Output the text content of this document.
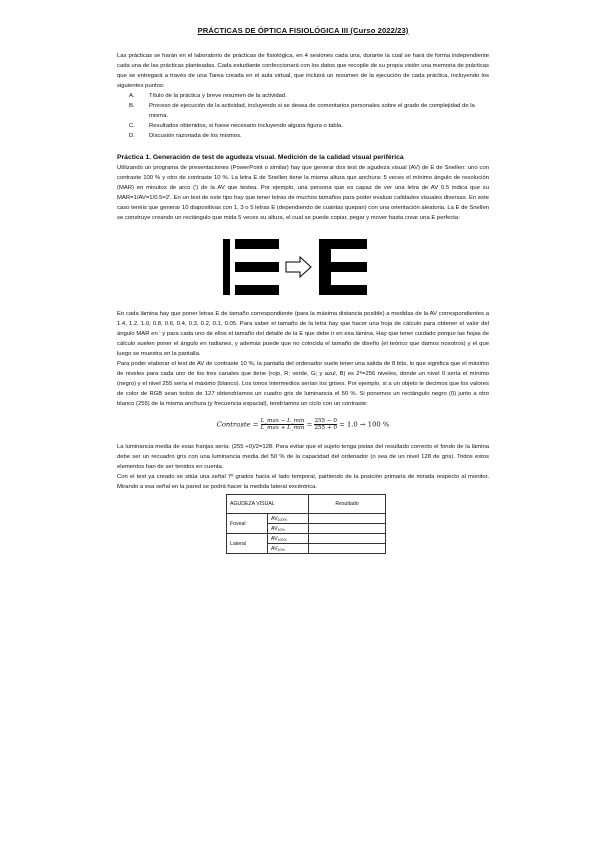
PRÁCTICAS DE ÓPTICA FISIOLÓGICA III (Curso 2022/23)

Las prácticas se harán en el laboratorio de prácticas de fisiológica, en 4 sesiones cada una, durante la cual se hará de forma independiente cada una de las prácticas planteadas. Cada estudiante confeccionará con los datos que recopile de su propia visión una memoria de prácticas que se entregará a través de una Tarea creada en el aula virtual, que incluirá un resumen de la ejecución de cada práctica, incluyendo los siguientes puntos:

A. Título de la práctica y breve resumen de la actividad.
B. Proceso de ejecución de la actividad, incluyendo si se desea de comentarios personales sobre el grado de complejidad de la misma.
C. Resultados obtenidos, si fuese necesario incluyendo alguna figura o tabla.
D. Discusión razonada de los mismos.
Práctica 1. Generación de test de agudeza visual. Medición de la calidad visual periférica

Utilizando un programa de presentaciones (PowerPoint o similar) hay que generar dos test de agudeza visual (AV) de E de Snellen: uno con contraste 100 % y otro de contraste 10 %. La letra E de Snellen tiene la misma altura que anchura: 5 veces el mínimo ángulo de resolución (MAR) en minutos de arco (') de la AV que testea. Por ejemplo, una persona que es capaz de ver una letra de AV 0.5 indica que su MAR=1/AV=1/0.5=2'. En un test de este tipo hay que tener letras de muchos tamaños para poder evaluar calidades visuales diversas. En este caso tenéis que generar 10 diapositivas con 1, 3 o 5 letras E (dependiendo de cuántas quepan) con una orientación aleatoria. La E de Snellen se construye creando un rectángulo que mida 5 veces su altura, el cual se puede copiar, pegar y mover hasta crear una E perfecta:

En cada lámina hay que poner letras E de tamaño correspondiente (para la máxima distancia posible) a medidas de la AV correspondientes a 1.4, 1.2, 1.0, 0.8, 0.6, 0.4, 0.3, 0.2, 0.1, 0.05. Para saber el tamaño de la letra hay que hacer una hoja de cálculo para obtener el valor del ángulo MAR en ' y para cada uno de ellos el tamaño del detalle de la E que debe ir en esa lámina. Hay que tener cuidado porque las hojas de cálculo suelen poner el ángulo en radianes, y además puede que no coincida el tamaño de diseño (el teórico que damos nosotros) y el que luego se muestra en la pantalla.

Para poder elaborar el test de AV de contraste 10 %, la pantalla del ordenador suele tener una salida de 8 bits, lo que significa que el máximo de niveles para cada uno de los tres canales que tiene (rojo, R; verde, G; y azul, B) es 2⁸=256 niveles, donde un nivel 0 sería el mínimo (negro) y el nivel 255 sería el máximo (blanco). Los tonos intermedios serían los grises. Por ejemplo, si a un objeto le decimos que los valores de color de RGB sean todos de 127 obtendríamos un cuadro gris de luminancia el 50 %. Si ponemos un rectángulo negro (0) junto a otro blanco (255) de la misma anchura (y frecuencia espacial), tendríamos un ciclo con un contraste:

Contraste = L_max − L_min
L_max + L_min = $\frac{255 - 0}{255 + 0} = 1.0 \to 100$ %

La luminancia media de esas franjas sería: (255 +0)/2=128. Para evitar que el sujeto tenga pistas del resultado correcto el fondo de la lámina debe ser un recuadro gris con una luminancia media del 50 % de la capacidad del ordenador (o sea de un nivel 128 de gris). Todos estos elementos han de ser tenidos en cuenta.

Con el test ya creado se sitúa una señal 7º grados hacia el lado temporal, partiendo de la posición primaria de mirada respecto al monitor. Mirando a esa señal en la pared se podrá hacer la medida lateral excéntrica.

AGUDEZA VISUAL		Resultado
Foveal	$AV_{100\%}$	
	$AV_{10\%}$	
Lateral	$AV_{100\%}$	
	$AV_{10\%}$	
